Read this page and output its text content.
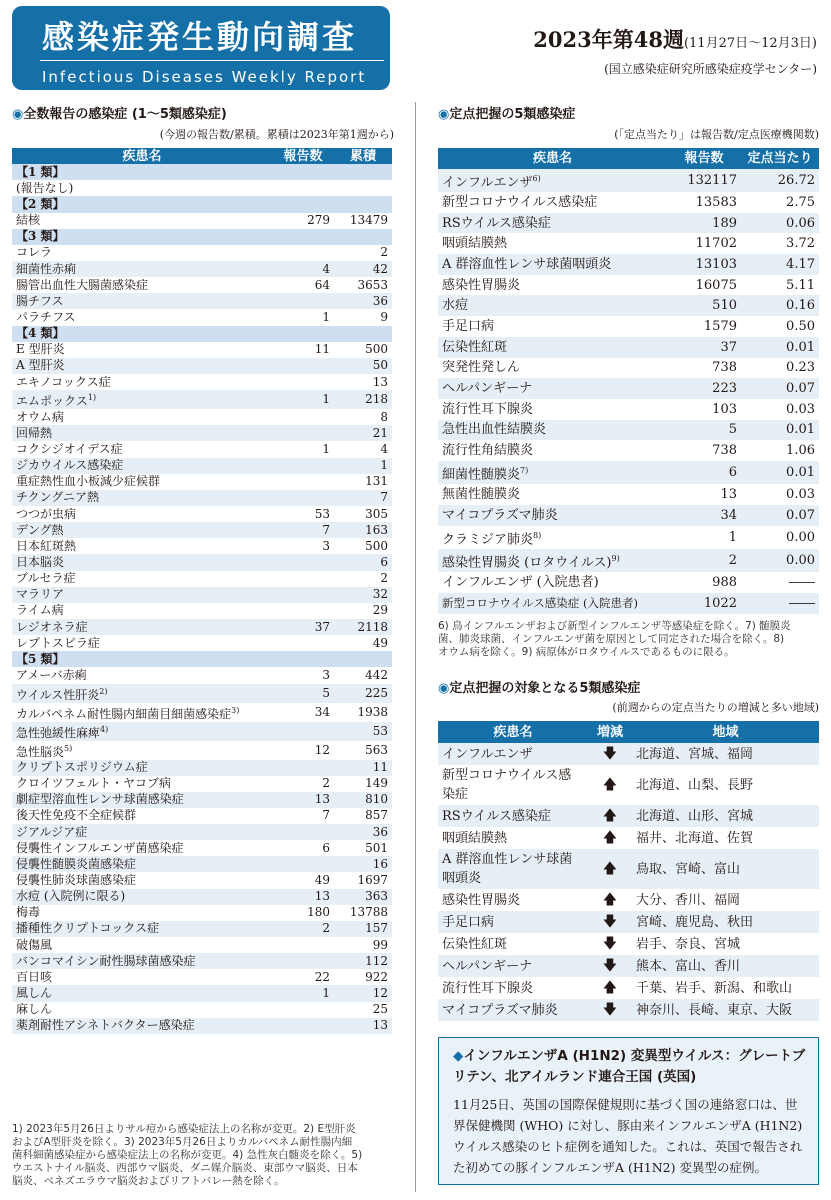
感染症発生動向調査
Infectious Diseases Weekly Report
2023年第48週(11月27日～12月3日)
(国立感染症研究所感染症疫学センター)
◉全数報告の感染症 (1～5類感染症)
(今週の報告数/累積。累積は2023年第1週から)
疾患名	報告数	累積
【1 類】		
(報告なし)		
【2 類】		
結核	279	13479
【3 類】		
コレラ		2
細菌性赤痢	4	42
腸管出血性大腸菌感染症	64	3653
腸チフス		36
パラチフス	1	9
【4 類】		
E 型肝炎	11	500
A 型肝炎		50
エキノコックス症		13
エムポックス$^{1)}$	1	218
オウム病		8
回帰熱		21
コクシジオイデス症	1	4
ジカウイルス感染症		1
重症熱性血小板減少症候群		131
チクングニア熱		7
つつが虫病	53	305
デング熱	7	163
日本紅斑熱	3	500
日本脳炎		6
ブルセラ症		2
マラリア		32
ライム病		29
レジオネラ症	37	2118
レプトスピラ症		49
【5 類】		
アメーバ赤痢	3	442
ウイルス性肝炎$^{2)}$	5	225
カルバペネム耐性腸内細菌目細菌感染症$^{3)}$	34	1938
急性弛緩性麻痺$^{4)}$		53
急性脳炎$^{5)}$	12	563
クリプトスポリジウム症		11
クロイツフェルト・ヤコブ病	2	149
劇症型溶血性レンサ球菌感染症	13	810
後天性免疫不全症候群	7	857
ジアルジア症		36
侵襲性インフルエンザ菌感染症	6	501
侵襲性髄膜炎菌感染症		16
侵襲性肺炎球菌感染症	49	1697
水痘 (入院例に限る)	13	363
梅毒	180	13788
播種性クリプトコックス症	2	157
破傷風		99
バンコマイシン耐性腸球菌感染症		112
百日咳	22	922
風しん	1	12
麻しん		25
薬剤耐性アシネトバクター感染症		13
1) 2023年5月26日よりサル痘から感染症法上の名称が変更。2) E型肝炎
およびA型肝炎を除く。3) 2023年5月26日よりカルバペネム耐性腸内細
菌科細菌感染症から感染症法上の名称が変更。4) 急性灰白髄炎を除く。5)
ウエストナイル脳炎、西部ウマ脳炎、ダニ媒介脳炎、東部ウマ脳炎、日本
脳炎、ベネズエラウマ脳炎およびリフトバレー熱を除く。
◉定点把握の5類感染症
(「定点当たり」は報告数/定点医療機関数)
疾患名	報告数	定点当たり
インフルエンザ$^{6)}$	132117	26.72
新型コロナウイルス感染症	13583	2.75
RSウイルス感染症	189	0.06
咽頭結膜熱	11702	3.72
A 群溶血性レンサ球菌咽頭炎	13103	4.17
感染性胃腸炎	16075	5.11
水痘	510	0.16
手足口病	1579	0.50
伝染性紅斑	37	0.01
突発性発しん	738	0.23
ヘルパンギーナ	223	0.07
流行性耳下腺炎	103	0.03
急性出血性結膜炎	5	0.01
流行性角結膜炎	738	1.06
細菌性髄膜炎$^{7)}$	6	0.01
無菌性髄膜炎	13	0.03
マイコプラズマ肺炎	34	0.07
クラミジア肺炎$^{8)}$	1	0.00
感染性胃腸炎 (ロタウイルス)$^{9)}$	2	0.00
インフルエンザ (入院患者)	988	――
新型コロナウイルス感染症 (入院患者)	1022	――
6) 鳥インフルエンザおよび新型インフルエンザ等感染症を除く。7) 髄膜炎
菌、肺炎球菌、インフルエンザ菌を原因として同定された場合を除く。8)
オウム病を除く。9) 病原体がロタウイルスであるものに限る。
◉定点把握の対象となる5類感染症
(前週からの定点当たりの増減と多い地域)
疾患名	増減	地域
インフルエンザ	🡇	北海道、宮城、福岡
新型コロナウイルス感染症	🡅	北海道、山梨、長野
RSウイルス感染症	🡅	北海道、山形、宮城
咽頭結膜熱	🡅	福井、北海道、佐賀
A 群溶血性レンサ球菌咽頭炎	🡅	鳥取、宮崎、富山
感染性胃腸炎	🡅	大分、香川、福岡
手足口病	🡇	宮崎、鹿児島、秋田
伝染性紅斑	🡇	岩手、奈良、宮城
ヘルパンギーナ	🡇	熊本、富山、香川
流行性耳下腺炎	🡅	千葉、岩手、新潟、和歌山
マイコプラズマ肺炎	🡇	神奈川、長崎、東京、大阪
◆インフルエンザA (H1N2) 変異型ウイルス：グレートブリテン、北アイルランド連合王国 (英国)
11月25日、英国の国際保健規則に基づく国の連絡窓口は、世界保健機関 (WHO) に対し、豚由来インフルエンザA (H1N2) ウイルス感染のヒト症例を通知した。これは、英国で報告された初めての豚インフルエンザA (H1N2) 変異型の症例。
